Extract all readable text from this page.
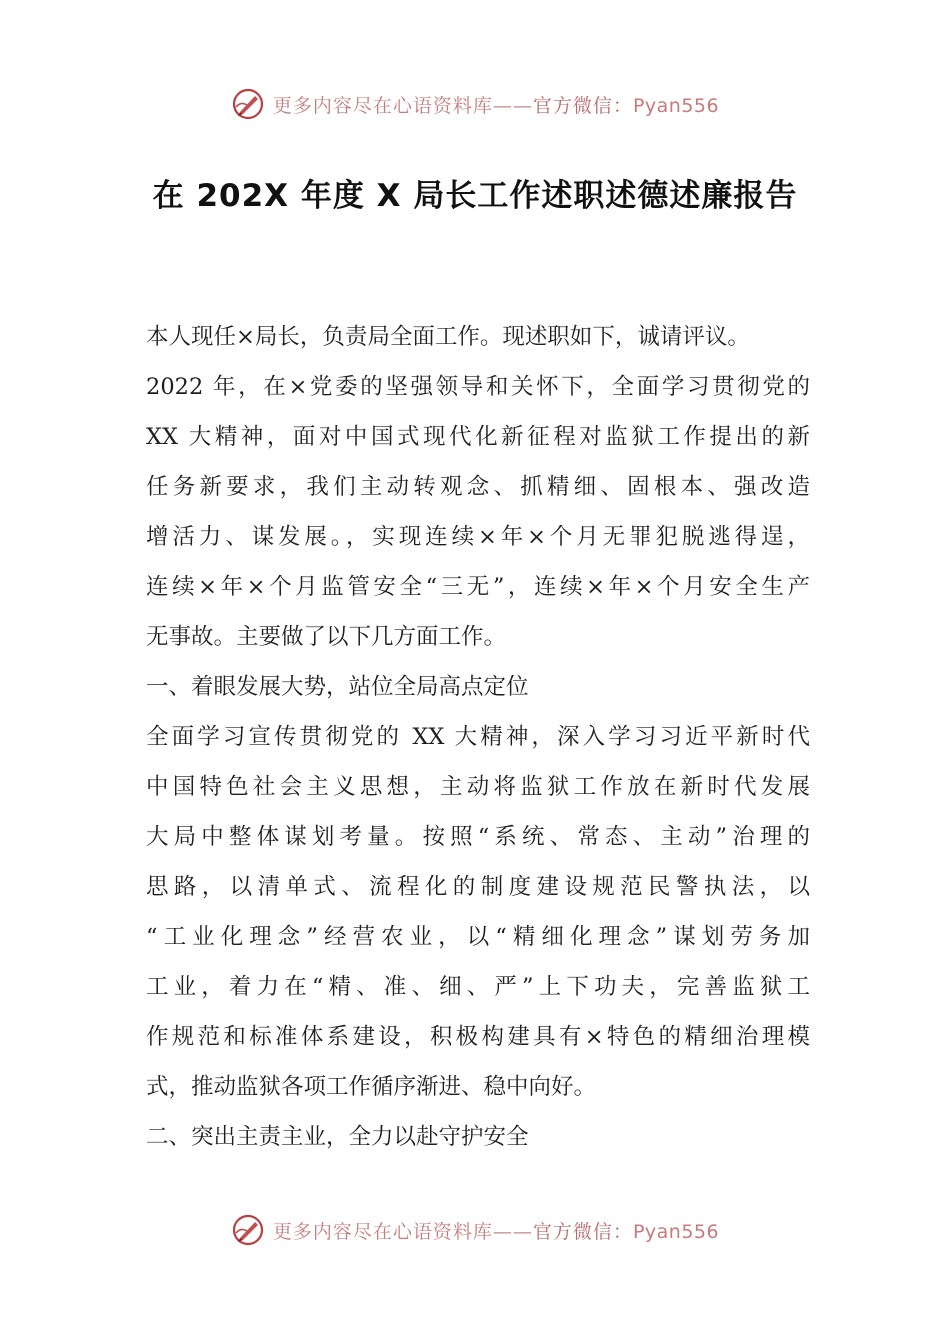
更多内容尽在心语资料库——官方微信：Pyan556
在 202X 年度 X 局长工作述职述德述廉报告
本人现任×局长，负责局全面工作。现述职如下，诚请评议。
2022 年，在×党委的坚强领导和关怀下，全面学习贯彻党的
XX 大精神，面对中国式现代化新征程对监狱工作提出的新
任务新要求，我们主动转观念、抓精细、固根本、强改造
增活力、谋发展。，实现连续×年×个月无罪犯脱逃得逞，
连续×年×个月监管安全“三无”，连续×年×个月安全生产
无事故。主要做了以下几方面工作。
一、着眼发展大势，站位全局高点定位
全面学习宣传贯彻党的 XX 大精神，深入学习习近平新时代
中国特色社会主义思想，主动将监狱工作放在新时代发展
大局中整体谋划考量。按照“系统、常态、主动”治理的
思路，以清单式、流程化的制度建设规范民警执法，以
“工业化理念”经营农业，以“精细化理念”谋划劳务加
工业，着力在“精、准、细、严”上下功夫，完善监狱工
作规范和标准体系建设，积极构建具有×特色的精细治理模
式，推动监狱各项工作循序渐进、稳中向好。
二、突出主责主业，全力以赴守护安全
更多内容尽在心语资料库——官方微信：Pyan556
